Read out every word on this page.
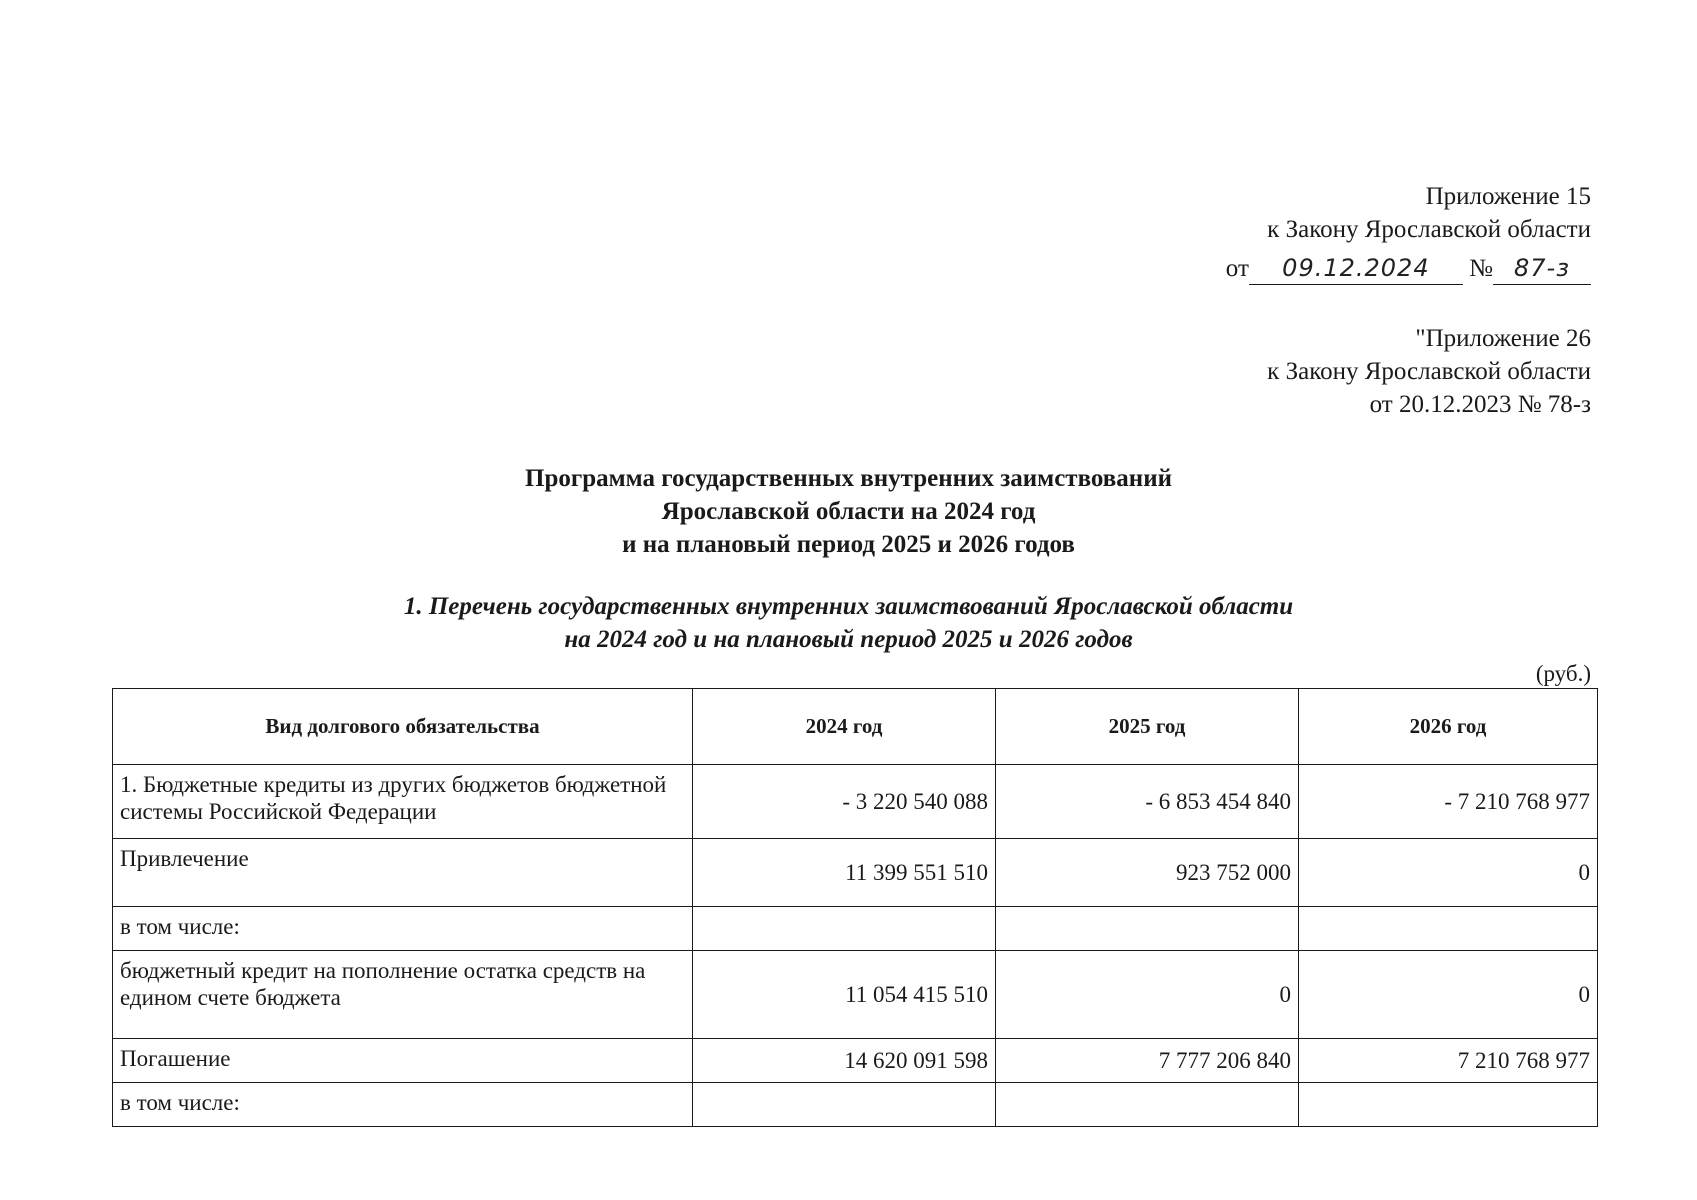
Приложение 15
к Закону Ярославской области
от 09.12.2024 № 87-з
"Приложение 26
к Закону Ярославской области
от 20.12.2023 № 78-з
Программа государственных внутренних заимствований
Ярославской области на 2024 год
и на плановый период 2025 и 2026 годов
1. Перечень государственных внутренних заимствований Ярославской области
на 2024 год и на плановый период 2025 и 2026 годов
(руб.)
Вид долгового обязательства	2024 год	2025 год	2026 год
1. Бюджетные кредиты из других бюджетов бюджетной системы Российской Федерации	- 3 220 540 088	- 6 853 454 840	- 7 210 768 977
Привлечение	11 399 551 510	923 752 000	0
в том числе:			
бюджетный кредит на пополнение остатка средств на едином счете бюджета	11 054 415 510	0	0
Погашение	14 620 091 598	7 777 206 840	7 210 768 977
в том числе:			
